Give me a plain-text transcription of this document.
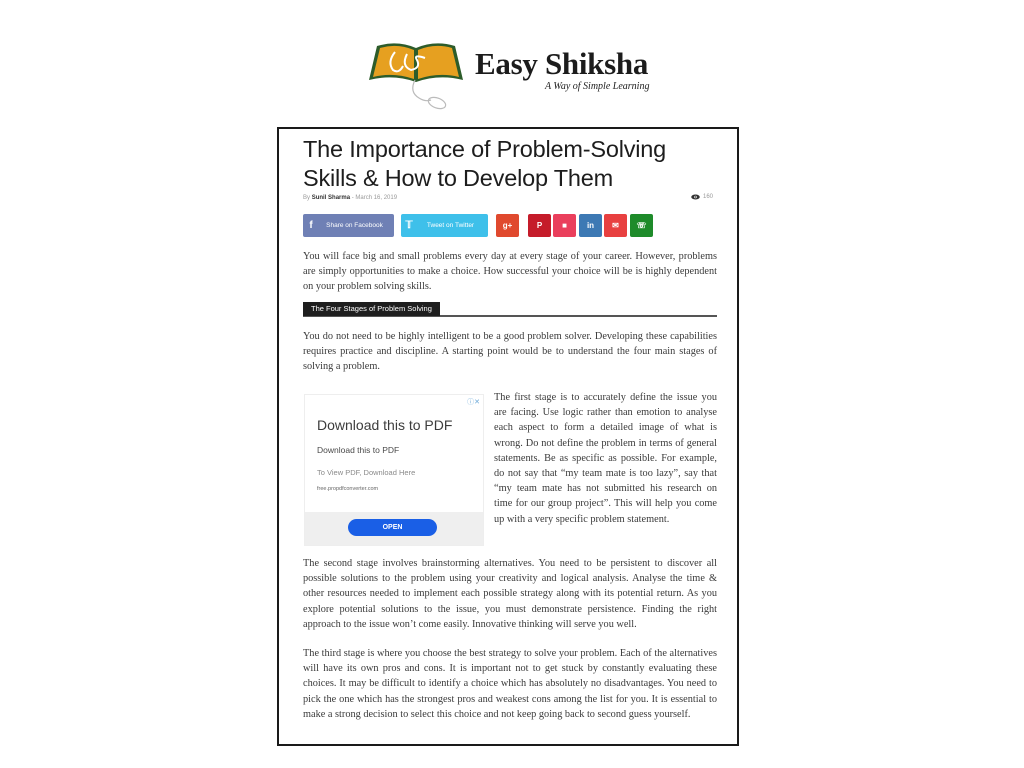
Easy Shiksha
A Way of Simple Learning
The Importance of Problem-Solving Skills & How to Develop Them
By Sunil Sharma - March 16, 2019	160
f	Share on Facebook	𝕋	Tweet on Twitter	g+	P ■	in ✉ ☏

You will face big and small problems every day at every stage of your career. However, problems are simply opportunities to make a choice. How successful your choice will be is highly dependent on your problem solving skills.

The Four Stages of Problem Solving

You do not need to be highly intelligent to be a good problem solver. Developing these capabilities requires practice and discipline. A starting point would be to understand the four main stages of solving a problem.

ⓘ✕
Download this to PDF
Download this to PDF
To View PDF, Download Here
free.propdfconverter.com
OPEN

The first stage is to accurately define the issue you are facing. Use logic rather than emotion to analyse each aspect to form a detailed image of what is wrong. Do not define the problem in terms of general statements. Be as specific as possible. For example, do not say that “my team mate is too lazy”, say that “my team mate has not submitted his research on time for our group project”. This will help you come up with a very specific problem statement.

The second stage involves brainstorming alternatives. You need to be persistent to discover all possible solutions to the problem using your creativity and logical analysis. Analyse the time & other resources needed to implement each possible strategy along with its potential return. As you explore potential solutions to the issue, you must demonstrate persistence. Finding the right approach to the issue won’t come easily. Innovative thinking will serve you well.

The third stage is where you choose the best strategy to solve your problem. Each of the alternatives will have its own pros and cons. It is important not to get stuck by constantly evaluating these choices. It may be difficult to identify a choice which has absolutely no disadvantages. You need to pick the one which has the strongest pros and weakest cons among the list for you. It is essential to make a strong decision to select this choice and not keep going back to second guess yourself.
